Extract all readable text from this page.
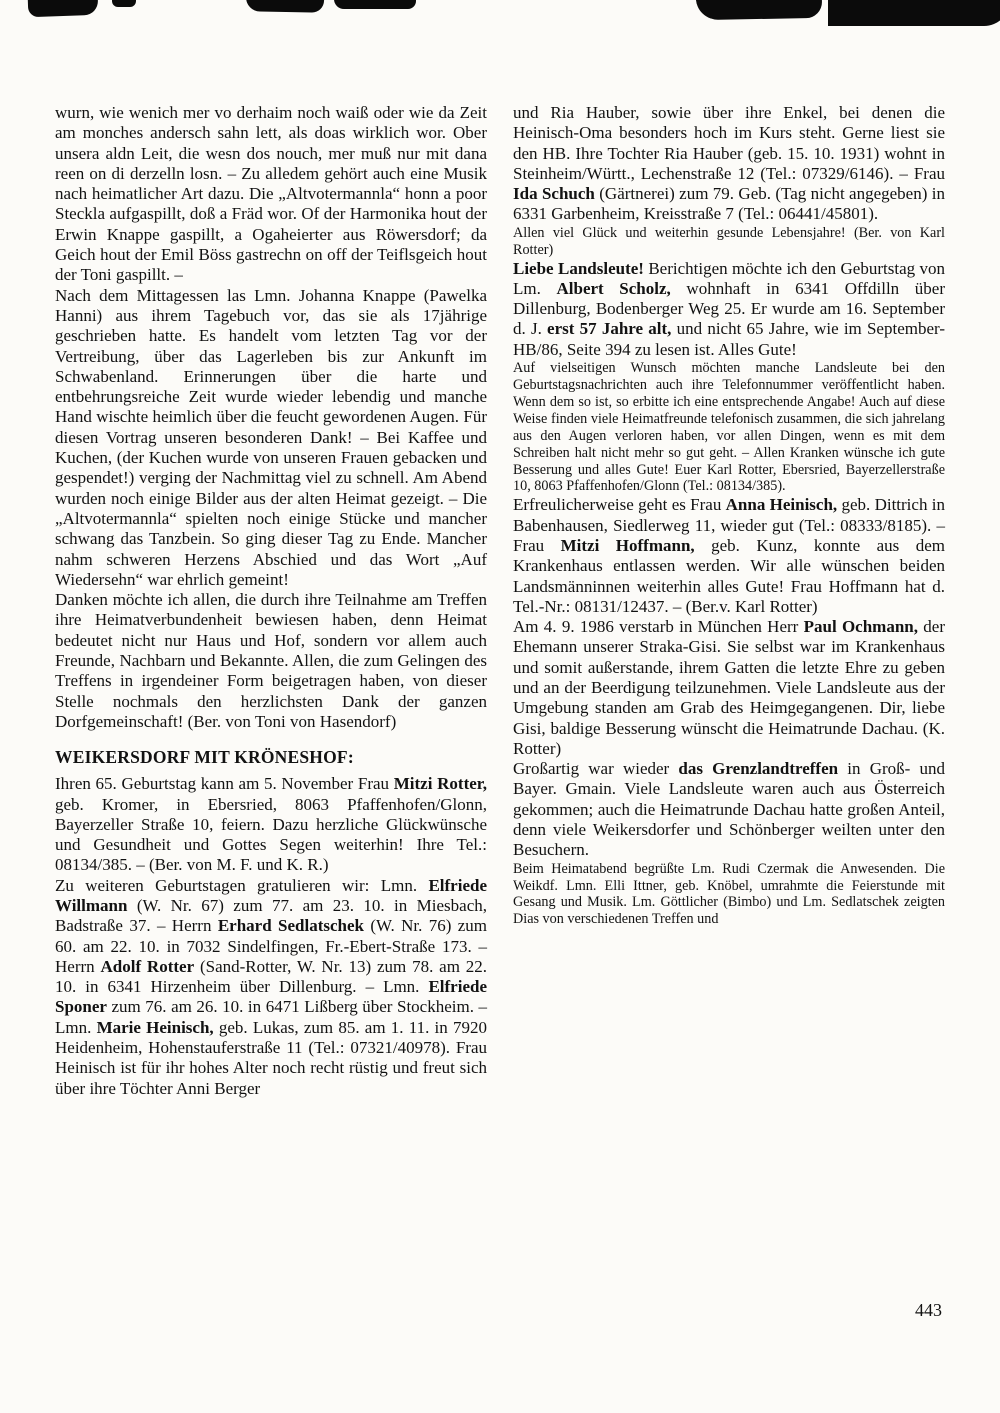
wurn, wie wenich mer vo derhaim noch waiß oder wie da Zeit am monches andersch sahn lett, als doas wirklich wor. Ober unsera aldn Leit, die wesn dos nouch, mer muß nur mit dana reen on di derzelln losn. – Zu alledem gehört auch eine Musik nach heimatlicher Art dazu. Die „Altvotermannla“ honn a poor Steckla aufgaspillt, doß a Fräd wor. Of der Harmonika hout der Erwin Knappe gaspillt, a Ogaheierter aus Röwersdorf; da Geich hout der Emil Böss gastrechn on off der Teiflsgeich hout der Toni gaspillt. –

Nach dem Mittagessen las Lmn. Johanna Knappe (Pawelka Hanni) aus ihrem Tagebuch vor, das sie als 17jährige geschrieben hatte. Es handelt vom letzten Tag vor der Vertreibung, über das Lagerleben bis zur Ankunft im Schwabenland. Erinnerungen über die harte und entbehrungsreiche Zeit wurde wieder lebendig und manche Hand wischte heimlich über die feucht gewordenen Augen. Für diesen Vortrag unseren besonderen Dank! – Bei Kaffee und Kuchen, (der Kuchen wurde von unseren Frauen gebacken und gespendet!) verging der Nachmittag viel zu schnell. Am Abend wurden noch einige Bilder aus der alten Heimat gezeigt. – Die „Altvotermannla“ spielten noch einige Stücke und mancher schwang das Tanzbein. So ging dieser Tag zu Ende. Mancher nahm schweren Herzens Abschied und das Wort „Auf Wiedersehn“ war ehrlich gemeint!

Danken möchte ich allen, die durch ihre Teilnahme am Treffen ihre Heimatverbundenheit bewiesen haben, denn Heimat bedeutet nicht nur Haus und Hof, sondern vor allem auch Freunde, Nachbarn und Bekannte. Allen, die zum Gelingen des Treffens in irgendeiner Form beigetragen haben, von dieser Stelle nochmals den herzlichsten Dank der ganzen Dorfgemeinschaft! (Ber. von Toni von Hasendorf)

WEIKERSDORF MIT KRÖNESHOF:

Ihren 65. Geburtstag kann am 5. November Frau Mitzi Rotter, geb. Kromer, in Ebersried, 8063 Pfaffenhofen/Glonn, Bayerzeller Straße 10, feiern. Dazu herzliche Glückwünsche und Gesundheit und Gottes Segen weiterhin! Ihre Tel.: 08134/385. – (Ber. von M. F. und K. R.)

Zu weiteren Geburtstagen gratulieren wir: Lmn. Elfriede Willmann (W. Nr. 67) zum 77. am 23. 10. in Miesbach, Badstraße 37. – Herrn Erhard Sedlatschek (W. Nr. 76) zum 60. am 22. 10. in 7032 Sindelfingen, Fr.-Ebert-Straße 173. – Herrn Adolf Rotter (Sand-Rotter, W. Nr. 13) zum 78. am 22. 10. in 6341 Hirzenheim über Dillenburg. – Lmn. Elfriede Sponer zum 76. am 26. 10. in 6471 Lißberg über Stockheim. – Lmn. Marie Heinisch, geb. Lukas, zum 85. am 1. 11. in 7920 Heidenheim, Hohenstauferstraße 11 (Tel.: 07321/40978). Frau Heinisch ist für ihr hohes Alter noch recht rüstig und freut sich über ihre Töchter Anni Berger

und Ria Hauber, sowie über ihre Enkel, bei denen die Heinisch-Oma besonders hoch im Kurs steht. Gerne liest sie den HB. Ihre Tochter Ria Hauber (geb. 15. 10. 1931) wohnt in Steinheim/Württ., Lechenstraße 12 (Tel.: 07329/6146). – Frau Ida Schuch (Gärtnerei) zum 79. Geb. (Tag nicht angegeben) in 6331 Garbenheim, Kreisstraße 7 (Tel.: 06441/45801).

Allen viel Glück und weiterhin gesunde Lebensjahre! (Ber. von Karl Rotter)

Liebe Landsleute! Berichtigen möchte ich den Geburtstag von Lm. Albert Scholz, wohnhaft in 6341 Offdilln über Dillenburg, Bodenberger Weg 25. Er wurde am 16. September d. J. erst 57 Jahre alt, und nicht 65 Jahre, wie im September-HB/86, Seite 394 zu lesen ist. Alles Gute!

Auf vielseitigen Wunsch möchten manche Landsleute bei den Geburtstagsnachrichten auch ihre Telefonnummer veröffentlicht haben. Wenn dem so ist, so erbitte ich eine entsprechende Angabe! Auch auf diese Weise finden viele Heimatfreunde telefonisch zusammen, die sich jahrelang aus den Augen verloren haben, vor allen Dingen, wenn es mit dem Schreiben halt nicht mehr so gut geht. – Allen Kranken wünsche ich gute Besserung und alles Gute! Euer Karl Rotter, Ebersried, Bayerzellerstraße 10, 8063 Pfaffenhofen/Glonn (Tel.: 08134/385).

Erfreulicherweise geht es Frau Anna Heinisch, geb. Dittrich in Babenhausen, Siedlerweg 11, wieder gut (Tel.: 08333/8185). – Frau Mitzi Hoffmann, geb. Kunz, konnte aus dem Krankenhaus entlassen werden. Wir alle wünschen beiden Landsmänninnen weiterhin alles Gute! Frau Hoffmann hat d. Tel.-Nr.: 08131/12437. – (Ber.v. Karl Rotter)

Am 4. 9. 1986 verstarb in München Herr Paul Ochmann, der Ehemann unserer Straka-Gisi. Sie selbst war im Krankenhaus und somit außerstande, ihrem Gatten die letzte Ehre zu geben und an der Beerdigung teilzunehmen. Viele Landsleute aus der Umgebung standen am Grab des Heimgegangenen. Dir, liebe Gisi, baldige Besserung wünscht die Heimatrunde Dachau. (K. Rotter)

Großartig war wieder das Grenzlandtreffen in Groß- und Bayer. Gmain. Viele Landsleute waren auch aus Österreich gekommen; auch die Heimatrunde Dachau hatte großen Anteil, denn viele Weikersdorfer und Schönberger weilten unter den Besuchern.

Beim Heimatabend begrüßte Lm. Rudi Czermak die Anwesenden. Die Weikdf. Lmn. Elli Ittner, geb. Knöbel, umrahmte die Feierstunde mit Gesang und Musik. Lm. Göttlicher (Bimbo) und Lm. Sedlatschek zeigten Dias von verschiedenen Treffen und

443
